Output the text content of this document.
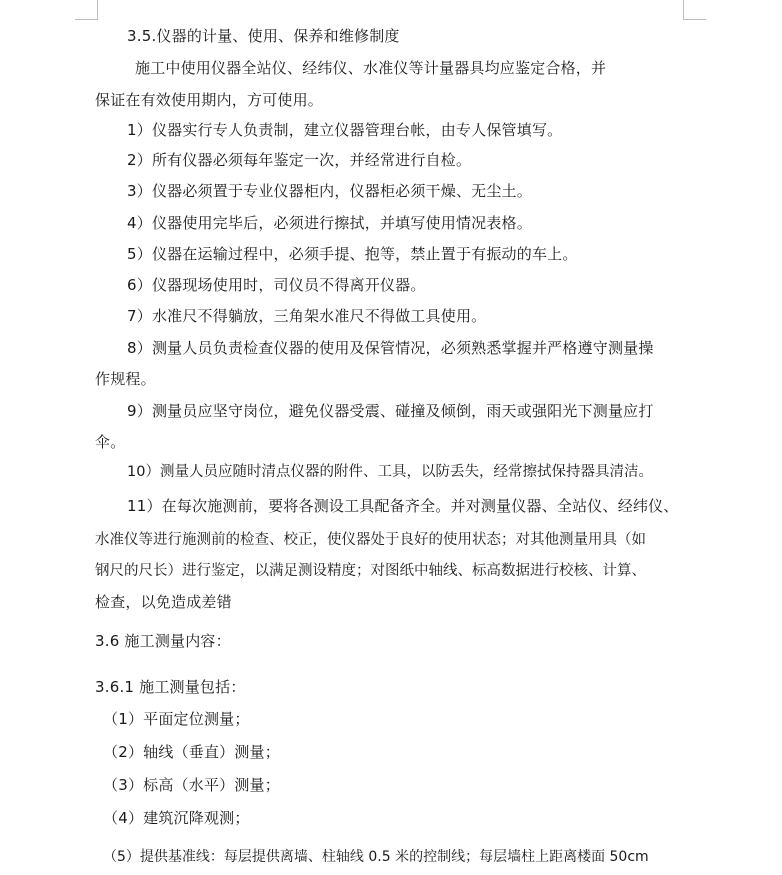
3.5.仪器的计量、使用、保养和维修制度
施工中使用仪器全站仪、经纬仪、水准仪等计量器具均应鉴定合格，并
保证在有效使用期内，方可使用。
1）仪器实行专人负责制，建立仪器管理台帐，由专人保管填写。
2）所有仪器必须每年鉴定一次，并经常进行自检。
3）仪器必须置于专业仪器柜内，仪器柜必须干燥、无尘土。
4）仪器使用完毕后，必须进行擦拭，并填写使用情况表格。
5）仪器在运输过程中，必须手提、抱等，禁止置于有振动的车上。
6）仪器现场使用时，司仪员不得离开仪器。
7）水准尺不得躺放，三角架水准尺不得做工具使用。
8）测量人员负责检查仪器的使用及保管情况，必须熟悉掌握并严格遵守测量操
作规程。
9）测量员应坚守岗位，避免仪器受震、碰撞及倾倒，雨天或强阳光下测量应打
伞。
10）测量人员应随时清点仪器的附件、工具，以防丢失，经常擦拭保持器具清洁。
11）在每次施测前，要将各测设工具配备齐全。并对测量仪器、全站仪、经纬仪、
水准仪等进行施测前的检查、校正，使仪器处于良好的使用状态；对其他测量用具（如
钢尺的尺长）进行鉴定，以满足测设精度；对图纸中轴线、标高数据进行校核、计算、
检查，以免造成差错
3.6 施工测量内容：
3.6.1 施工测量包括：
（1）平面定位测量；
（2）轴线（垂直）测量；
（3）标高（水平）测量；
（4）建筑沉降观测；
（5）提供基准线：每层提供离墙、柱轴线 0.5 米的控制线；每层墙柱上距离楼面 50cm
